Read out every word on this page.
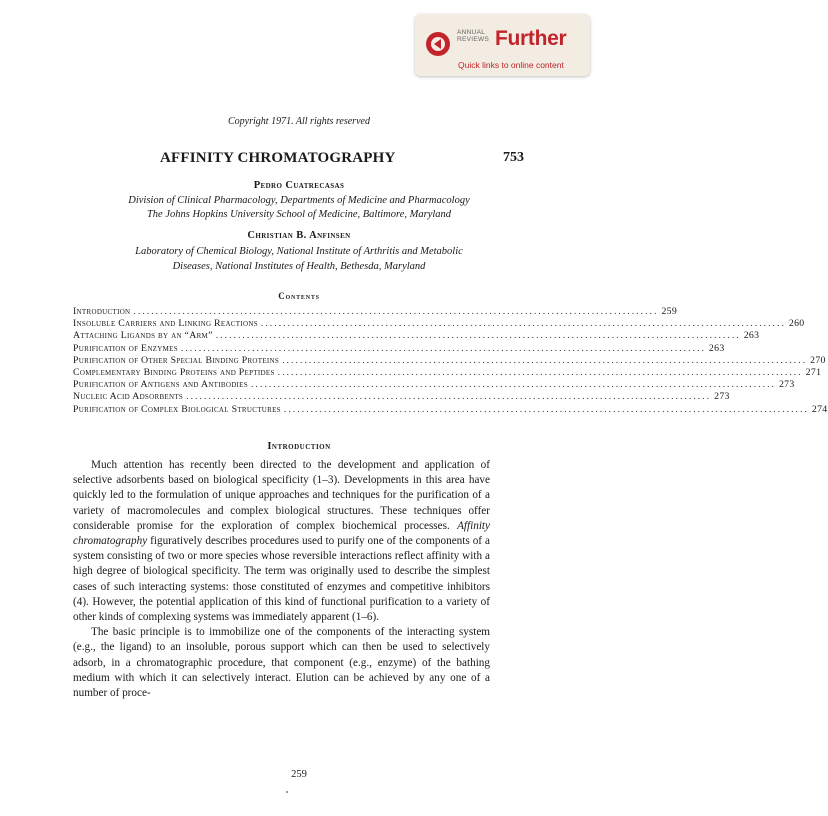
ANNUAL
REVIEWS Further
Quick links to online content
Copyright 1971. All rights reserved
AFFINITY CHROMATOGRAPHY	753
Pedro Cuatrecasas
Division of Clinical Pharmacology, Departments of Medicine and Pharmacology
The Johns Hopkins University School of Medicine, Baltimore, Maryland
Christian B. Anfinsen
Laboratory of Chemical Biology, National Institute of Arthritis and Metabolic
Diseases, National Institutes of Health, Bethesda, Maryland
Contents
Introduction ...................................................................................................................... 259
Insoluble Carriers and Linking Reactions ...................................................................................................................... 260
Attaching Ligands by an “Arm” ...................................................................................................................... 263
Purification of Enzymes ...................................................................................................................... 263
Purification of Other Special Binding Proteins ...................................................................................................................... 270
Complementary Binding Proteins and Peptides ...................................................................................................................... 271
Purification of Antigens and Antibodies ...................................................................................................................... 273
Nucleic Acid Adsorbents ...................................................................................................................... 273
Purification of Complex Biological Structures ...................................................................................................................... 274
Introduction

Much attention has recently been directed to the development and application of selective adsorbents based on biological specificity (1–3). Developments in this area have quickly led to the formulation of unique approaches and techniques for the purification of a variety of macromolecules and complex biological structures. These techniques offer considerable promise for the exploration of complex biochemical processes. Affinity chromatography figuratively describes procedures used to purify one of the components of a system consisting of two or more species whose reversible interactions reflect affinity with a high degree of biological specificity. The term was originally used to describe the simplest cases of such interacting systems: those constituted of enzymes and competitive inhibitors (4). However, the potential application of this kind of functional purification to a variety of other kinds of complexing systems was immediately apparent (1–6).

The basic principle is to immobilize one of the components of the interacting system (e.g., the ligand) to an insoluble, porous support which can then be used to selectively adsorb, in a chromatographic procedure, that component (e.g., enzyme) of the bathing medium with which it can selectively interact. Elution can be achieved by any one of a number of proce-

259
